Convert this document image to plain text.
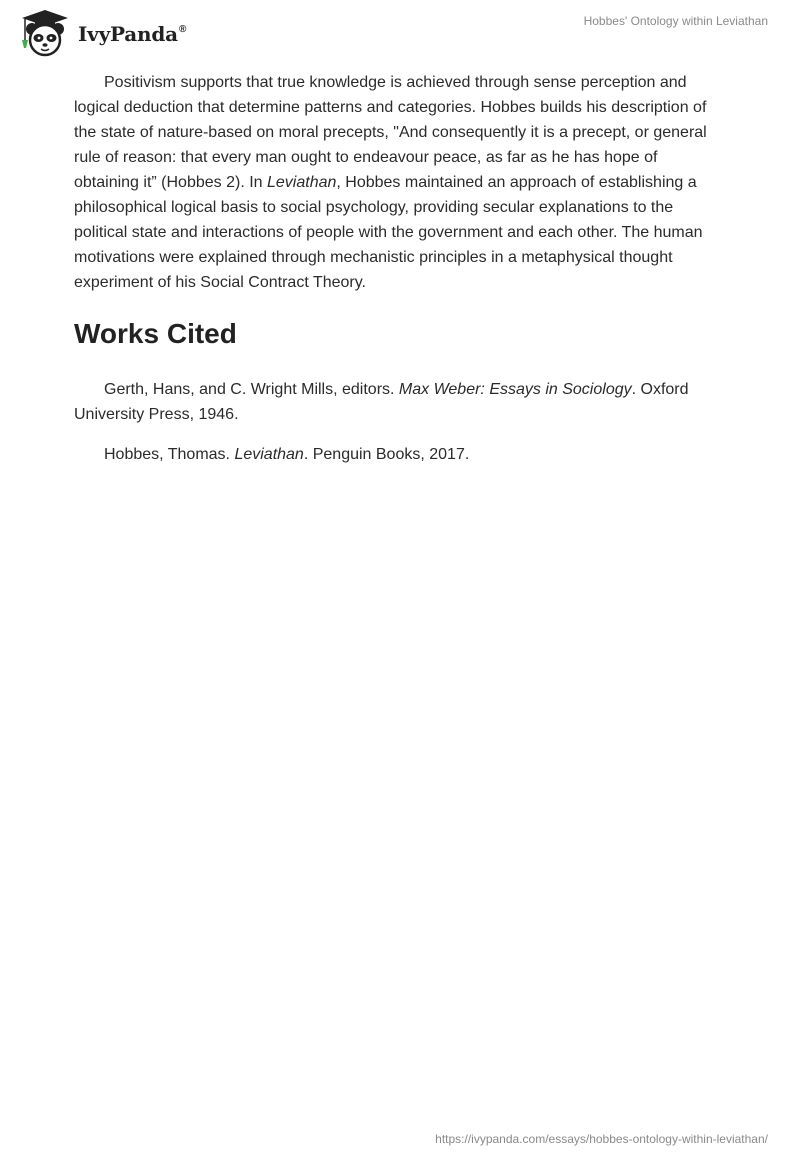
IvyPanda®
Hobbes' Ontology within Leviathan

Positivism supports that true knowledge is achieved through sense perception and logical deduction that determine patterns and categories. Hobbes builds his description of the state of nature-based on moral precepts, "And consequently it is a precept, or general rule of reason: that every man ought to endeavour peace, as far as he has hope of obtaining it” (Hobbes 2). In Leviathan, Hobbes maintained an approach of establishing a philosophical logical basis to social psychology, providing secular explanations to the political state and interactions of people with the government and each other. The human motivations were explained through mechanistic principles in a metaphysical thought experiment of his Social Contract Theory.

Works Cited

Gerth, Hans, and C. Wright Mills, editors. Max Weber: Essays in Sociology. Oxford University Press, 1946.

Hobbes, Thomas. Leviathan. Penguin Books, 2017.

https://ivypanda.com/essays/hobbes-ontology-within-leviathan/
